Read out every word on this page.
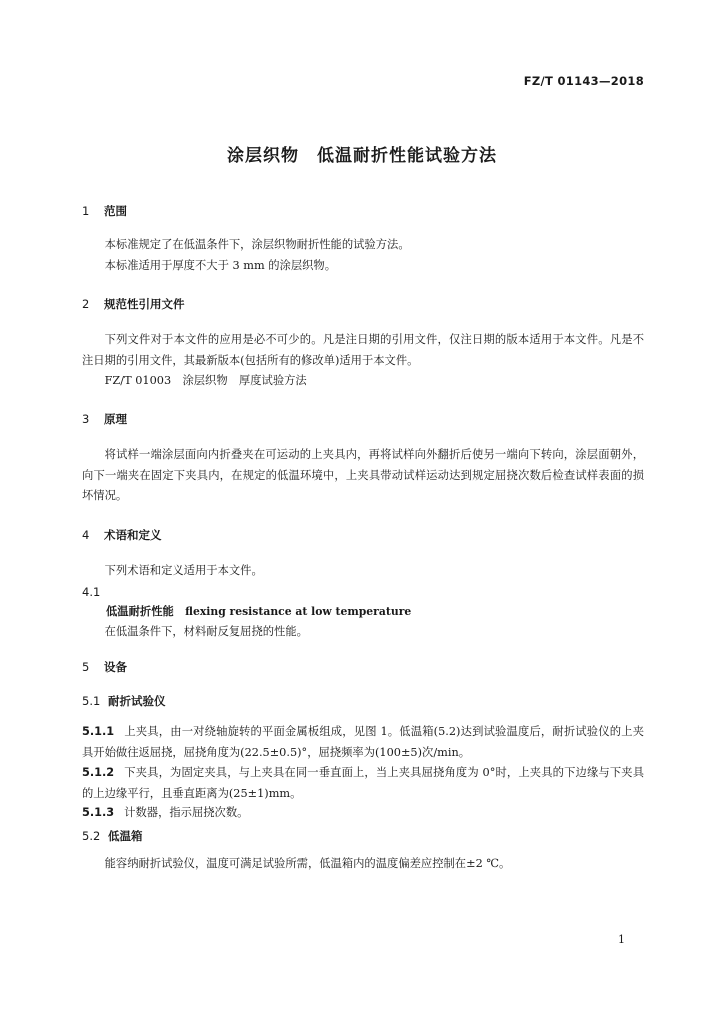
FZ/T 01143—2018
涂层织物　低温耐折性能试验方法
1 范围
本标准规定了在低温条件下，涂层织物耐折性能的试验方法。
本标准适用于厚度不大于 3 mm 的涂层织物。
2 规范性引用文件
下列文件对于本文件的应用是必不可少的。凡是注日期的引用文件，仅注日期的版本适用于本文件。凡是不注日期的引用文件，其最新版本(包括所有的修改单)适用于本文件。
FZ/T 01003　涂层织物　厚度试验方法
3 原理
将试样一端涂层面向内折叠夹在可运动的上夹具内，再将试样向外翻折后使另一端向下转向，涂层面朝外，向下一端夹在固定下夹具内，在规定的低温环境中，上夹具带动试样运动达到规定屈挠次数后检查试样表面的损坏情况。
4 术语和定义
下列术语和定义适用于本文件。
4.1
低温耐折性能　 flexing resistance at low temperature
在低温条件下，材料耐反复屈挠的性能。
5 设备
5.1 耐折试验仪
5.1.1 上夹具，由一对绕轴旋转的平面金属板组成，见图 1。低温箱(5.2)达到试验温度后，耐折试验仪的上夹具开始做往返屈挠，屈挠角度为(22.5±0.5)°，屈挠频率为(100±5)次/min。
5.1.2 下夹具，为固定夹具，与上夹具在同一垂直面上，当上夹具屈挠角度为 0°时，上夹具的下边缘与下夹具的上边缘平行，且垂直距离为(25±1)mm。
5.1.3 计数器，指示屈挠次数。
5.2 低温箱
能容纳耐折试验仪，温度可满足试验所需，低温箱内的温度偏差应控制在±2 ℃。
1
